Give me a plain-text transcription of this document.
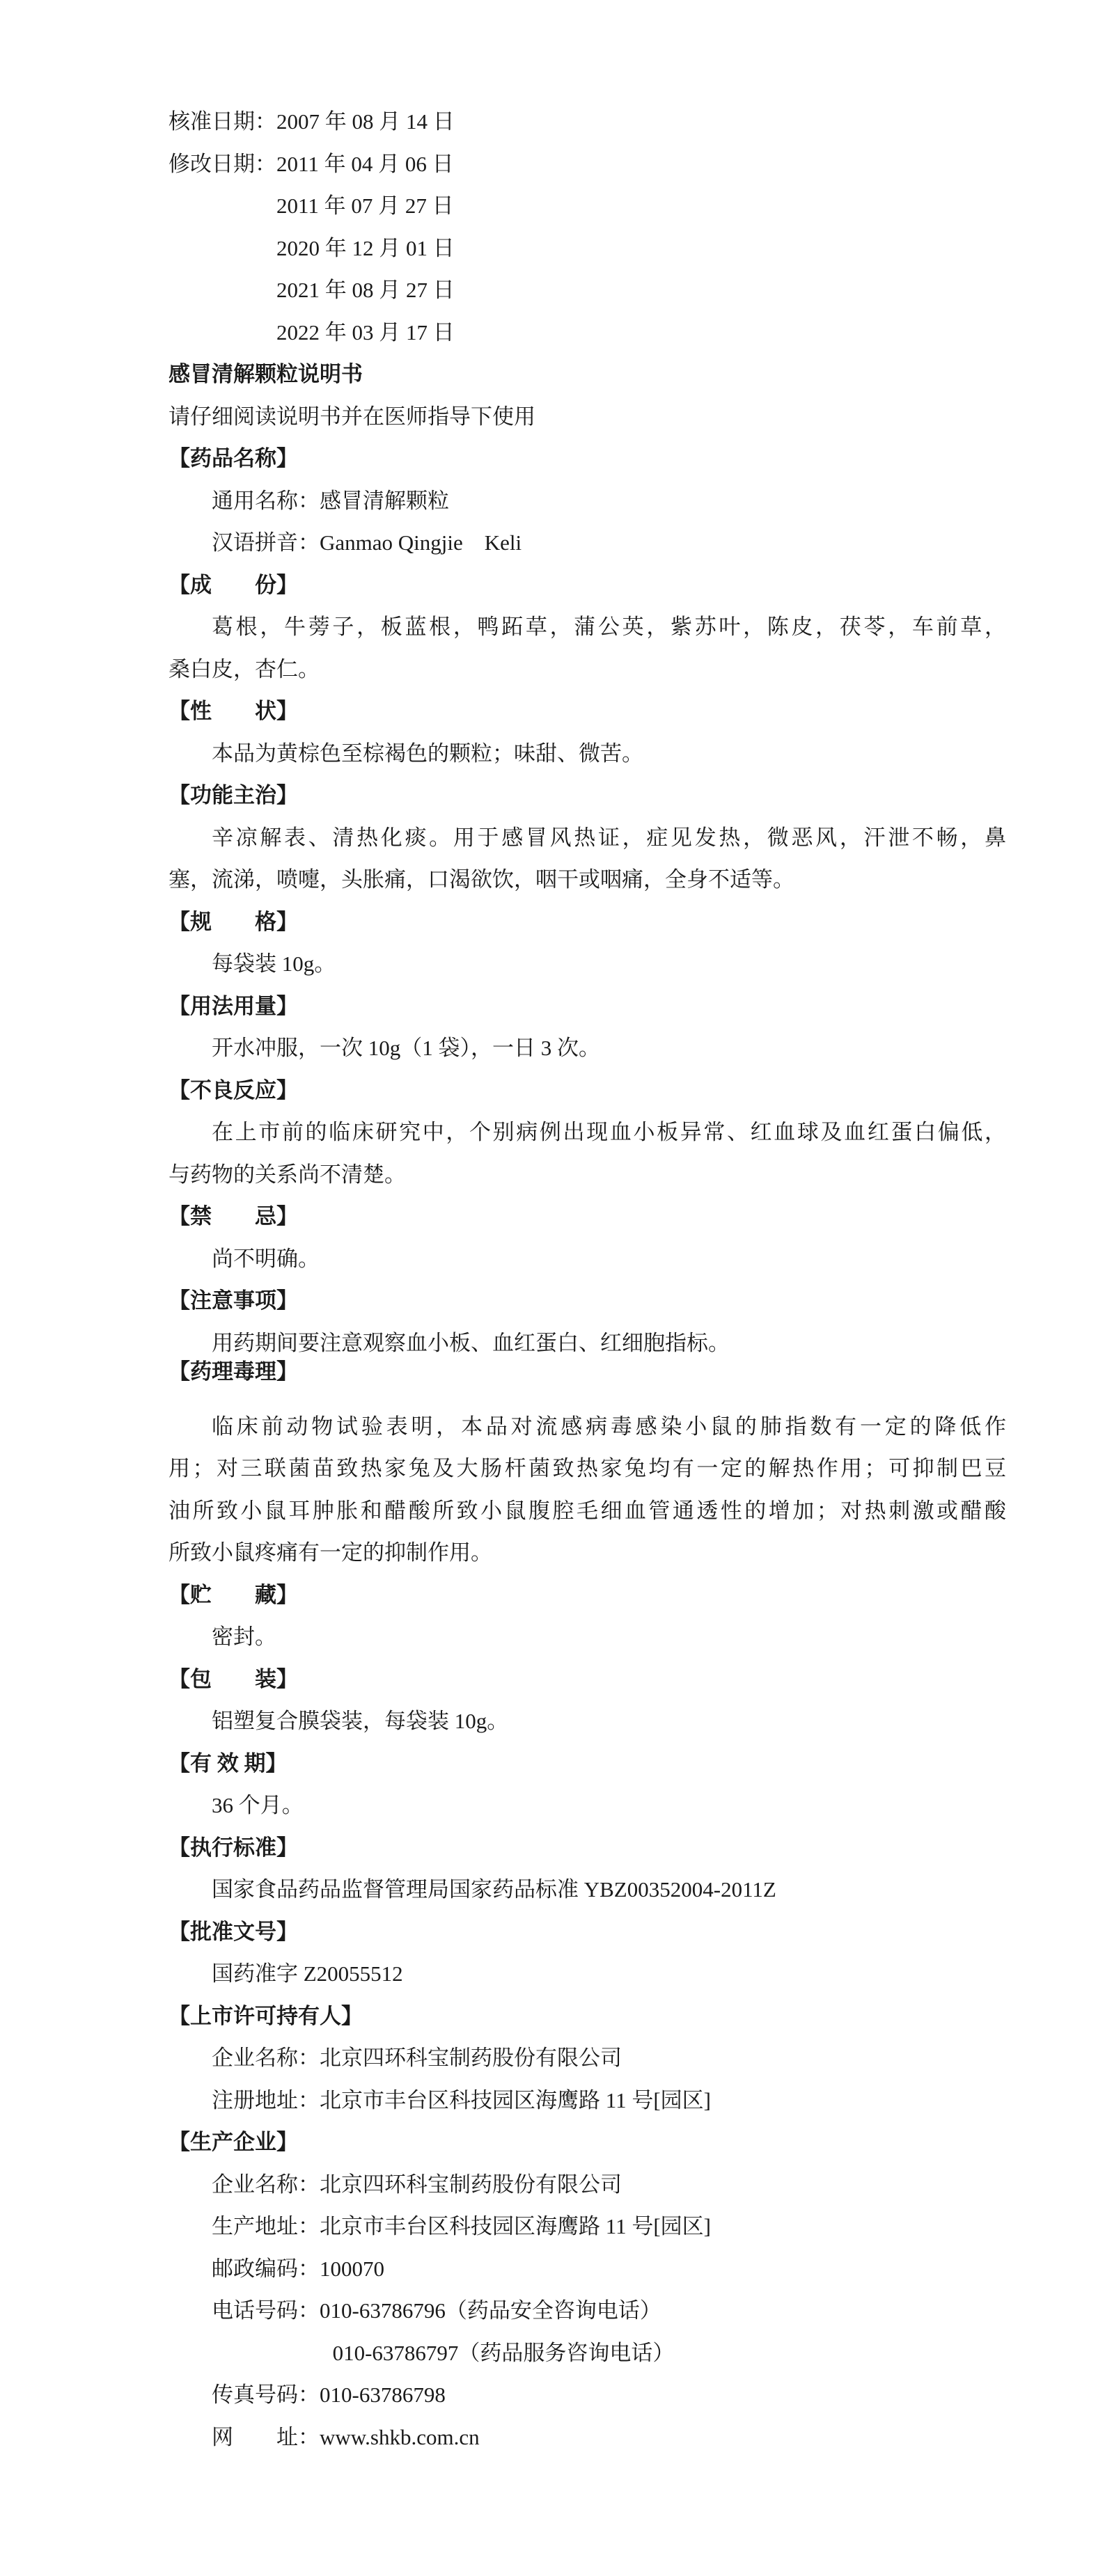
核准日期：2007 年 08 月 14 日

修改日期：2011 年 04 月 06 日

2011 年 07 月 27 日

2020 年 12 月 01 日

2021 年 08 月 27 日

2022 年 03 月 17 日

感冒清解颗粒说明书

请仔细阅读说明书并在医师指导下使用

【药品名称】

通用名称：感冒清解颗粒

汉语拼音：Ganmao Qingjie　Keli

【成　　份】

葛根，牛蒡子，板蓝根，鸭跖草，蒲公英，紫苏叶，陈皮，茯苓，车前草，

桑白皮，杏仁。

【性　　状】

本品为黄棕色至棕褐色的颗粒；味甜、微苦。

【功能主治】

辛凉解表、清热化痰。用于感冒风热证，症见发热，微恶风，汗泄不畅，鼻

塞，流涕，喷嚏，头胀痛，口渴欲饮，咽干或咽痛，全身不适等。

【规　　格】

每袋装 10g。

【用法用量】

开水冲服，一次 10g（1 袋），一日 3 次。

【不良反应】

在上市前的临床研究中，个别病例出现血小板异常、红血球及血红蛋白偏低，

与药物的关系尚不清楚。

【禁　　忌】

尚不明确。

【注意事项】

用药期间要注意观察血小板、血红蛋白、红细胞指标。

【药理毒理】

临床前动物试验表明，本品对流感病毒感染小鼠的肺指数有一定的降低作

用；对三联菌苗致热家兔及大肠杆菌致热家兔均有一定的解热作用；可抑制巴豆

油所致小鼠耳肿胀和醋酸所致小鼠腹腔毛细血管通透性的增加；对热刺激或醋酸

所致小鼠疼痛有一定的抑制作用。

【贮　　藏】

密封。

【包　　装】

铝塑复合膜袋装，每袋装 10g。

【有 效 期】

36 个月。

【执行标准】

国家食品药品监督管理局国家药品标准 YBZ00352004-2011Z

【批准文号】

国药准字 Z20055512

【上市许可持有人】

企业名称：北京四环科宝制药股份有限公司

注册地址：北京市丰台区科技园区海鹰路 11 号[园区]

【生产企业】

企业名称：北京四环科宝制药股份有限公司

生产地址：北京市丰台区科技园区海鹰路 11 号[园区]

邮政编码：100070

电话号码：010-63786796（药品安全咨询电话）

010-63786797（药品服务咨询电话）

传真号码：010-63786798

网　　址：www.shkb.com.cn
